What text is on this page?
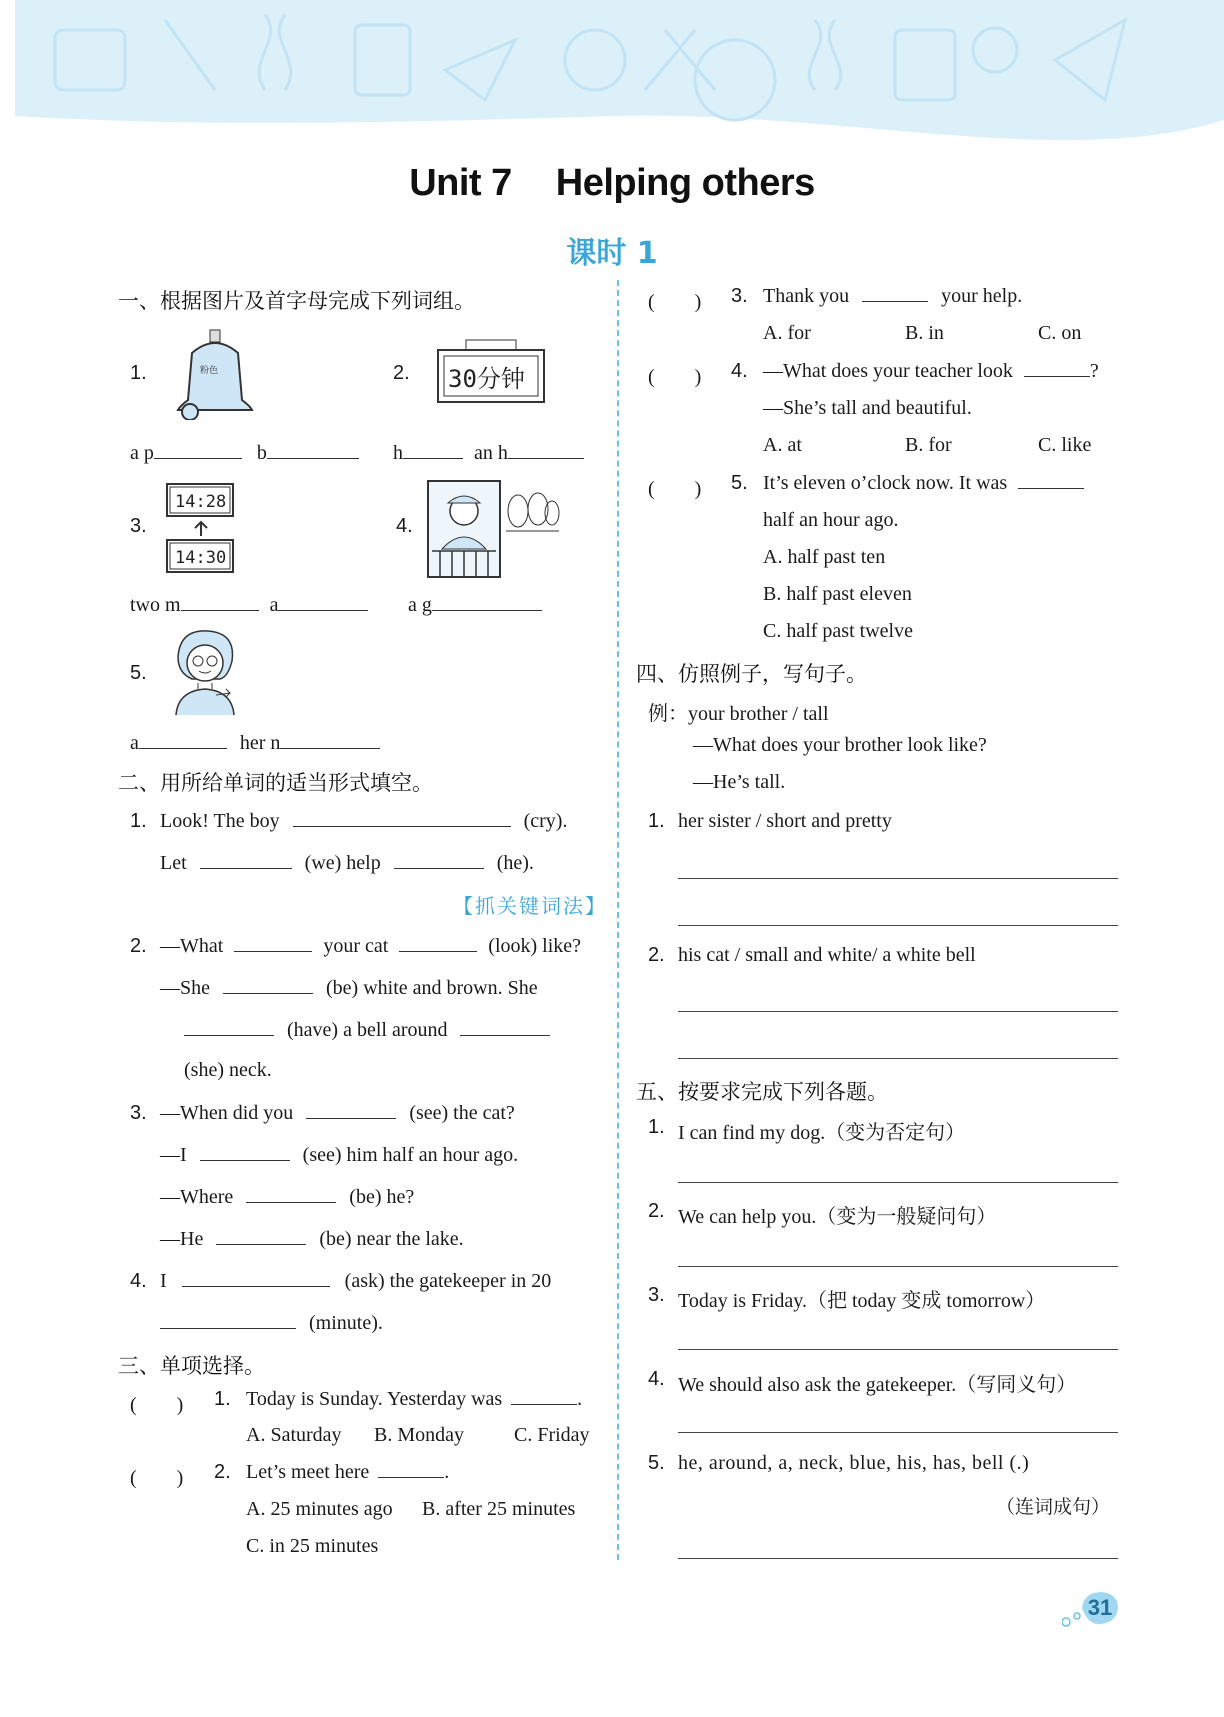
Unit 7 Helping others
课时 1
一、根据图片及首字母完成下列词组。
1.	粉色	2. 30分钟
a p	b	h	an h
3.
14:28
14:30
4.
two m	a	a g
5.
a	her n
二、用所给单词的适当形式填空。
1. Look! The boy	(cry).
Let	(we) help	(he).
【抓关键词法】
2. —What	your cat	(look) like?
—She	(be) white and brown. She
(have) a bell around
(she) neck.
3. —When did you	(see) the cat?
—I	(see) him half an hour ago.
—Where	(be) he?
—He	(be) near the lake.
4. I	(ask) the gatekeeper in 20
(minute).
三、单项选择。
(　　) 1. Today is Sunday. Yesterday was	.
A. Saturday B. Monday	C. Friday
(　　) 2. Let’s meet here	.
A. 25 minutes ago B. after 25 minutes
C. in 25 minutes
(　　) 3. Thank you	your help.
A. for	B. in	C. on
(　　) 4. —What does your teacher look	?
—She’s tall and beautiful.
A. at	B. for	C. like
(　　) 5. It’s eleven o’clock now. It was
half an hour ago.
A. half past ten
B. half past eleven
C. half past twelve
四、仿照例子，写句子。
例：your brother / tall
—What does your brother look like?
—He’s tall.
1. her sister / short and pretty
2. his cat / small and white/ a white bell
五、按要求完成下列各题。
1. I can find my dog.（变为否定句）
2. We can help you.（变为一般疑问句）
3. Today is Friday.（把 today 变成 tomorrow）
4. We should also ask the gatekeeper.（写同义句）
5. he, around, a, neck, blue, his, has, bell (.)
（连词成句）
31
